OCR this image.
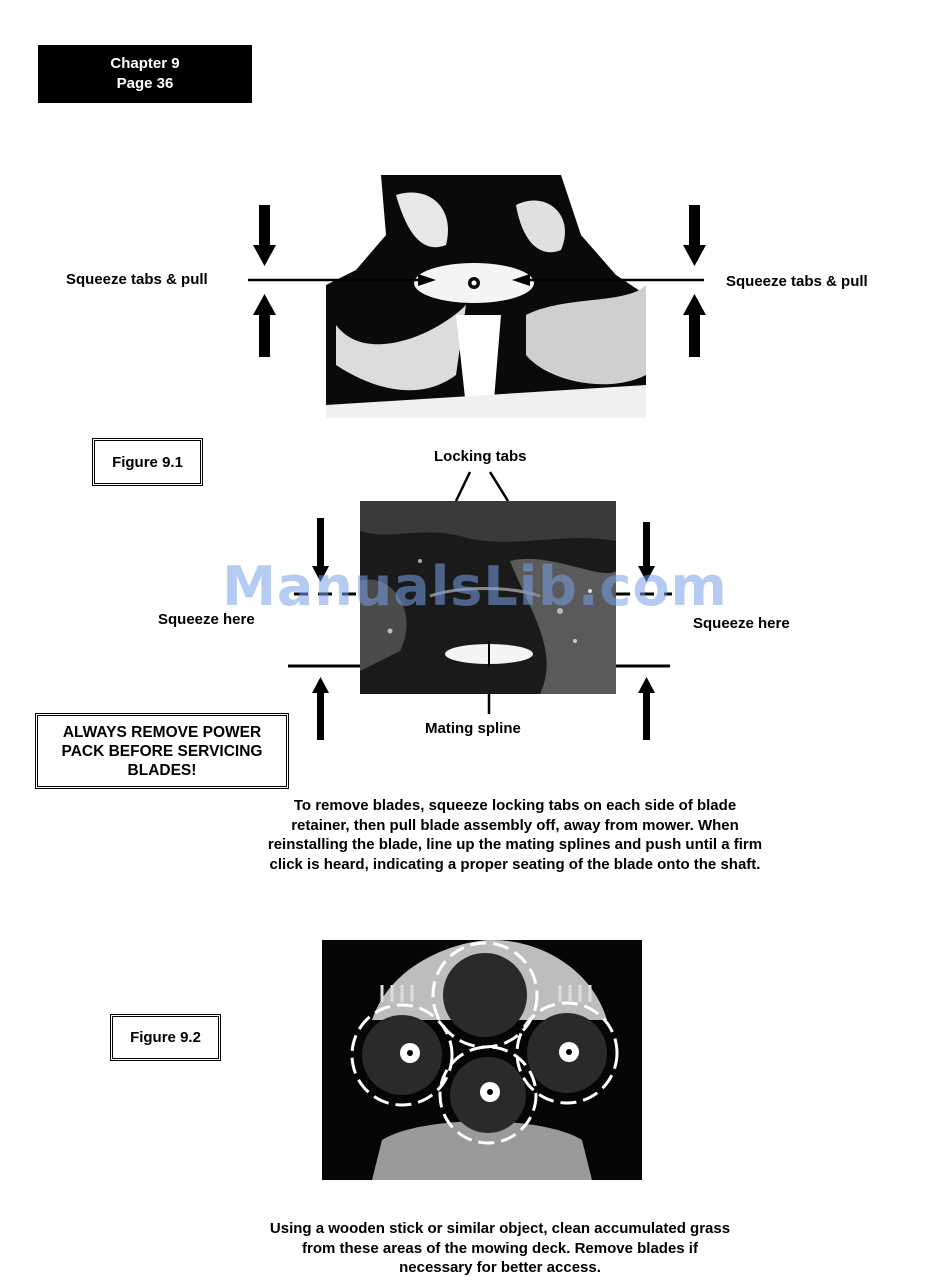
Chapter 9
Page 36
Squeeze tabs & pull	Squeeze tabs & pull
Figure 9.1	Locking tabs
Squeeze here	Squeeze here
Mating spline
ALWAYS REMOVE POWER PACK BEFORE SERVICING BLADES!
To remove blades, squeeze locking tabs on each side of blade
retainer, then pull blade assembly off, away from mower. When
reinstalling the blade, line up the mating splines and push until a firm
click is heard, indicating a proper seating of the blade onto the shaft.
Figure 9.2
Using a wooden stick or similar object, clean accumulated grass
from these areas of the mowing deck. Remove blades if
necessary for better access.
ManualsLib.com
